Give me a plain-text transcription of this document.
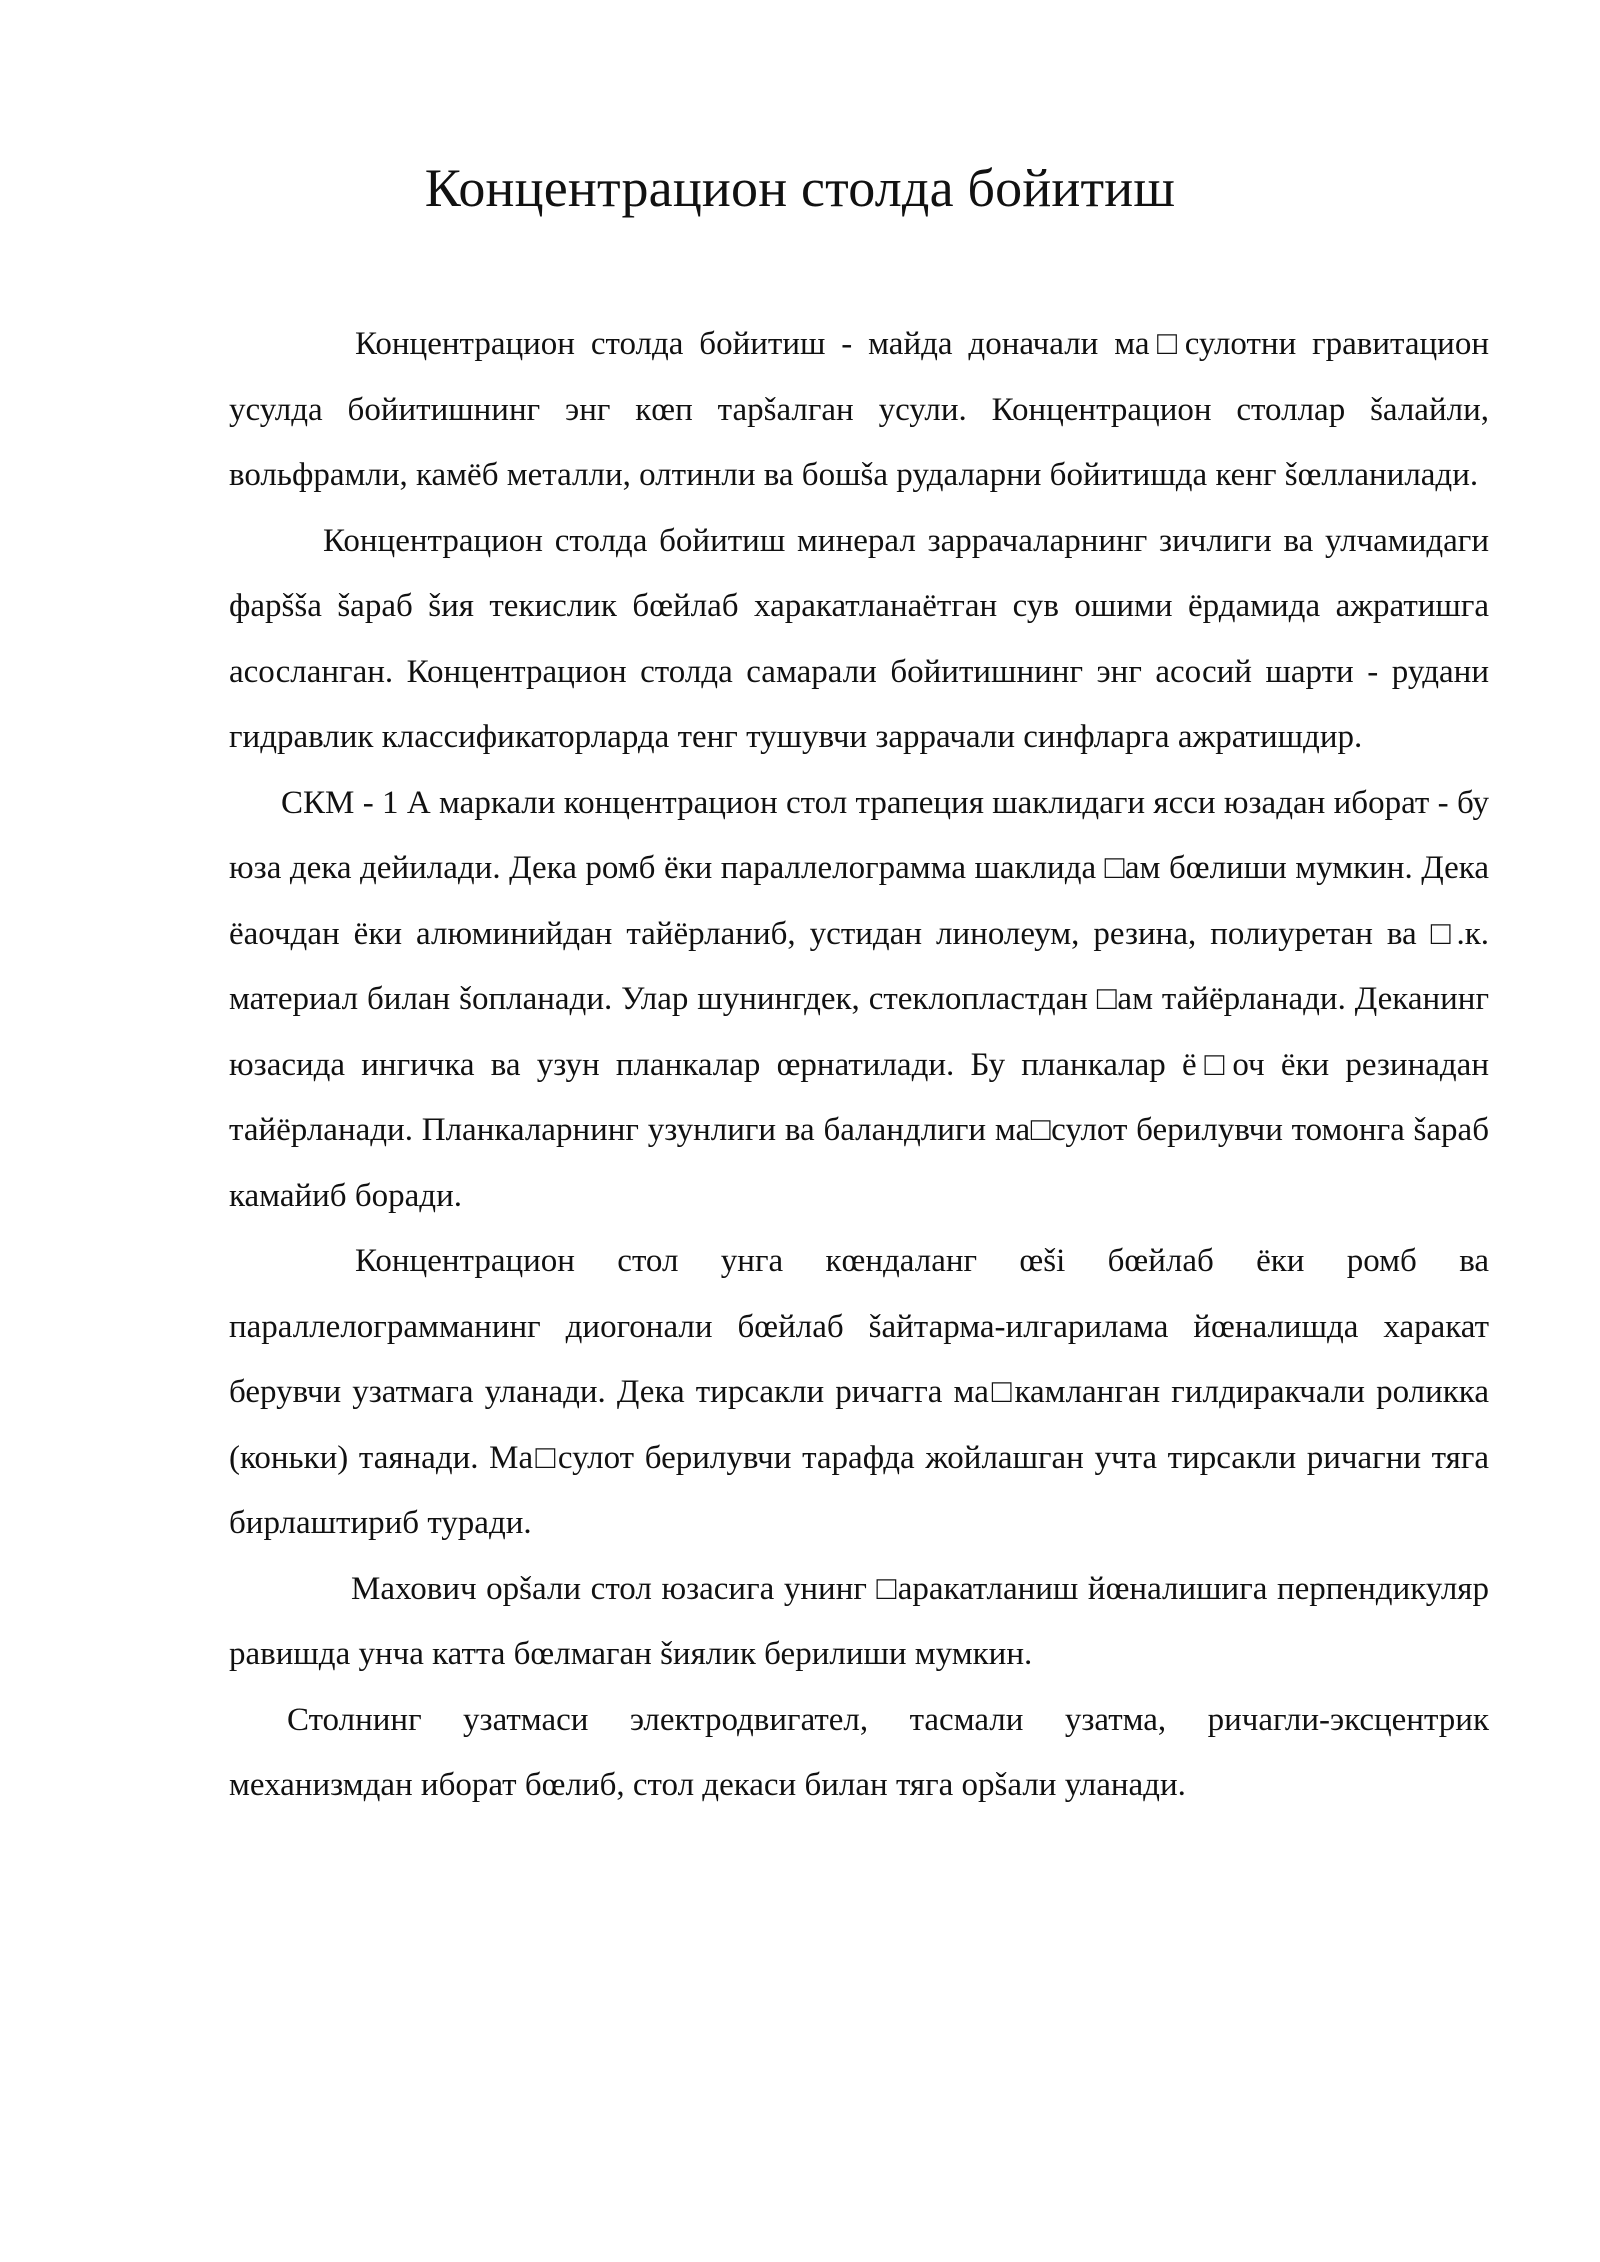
Концентрацион столда бойитиш

Концентрацион столда бойитиш - майда доначали ма□сулотни гравитацион усулда бойитишнинг энг кœп тарšалган усули. Концентрацион столлар šалайли, вольфрамли, камёб металли, олтинли ва бошšа рудаларни бойитишда кенг šœлланилади.

Концентрацион столда бойитиш минерал заррачаларнинг зичлиги ва улчамидаги фарšša šараб šия текислик бœйлаб харакатланаётган сув oшими ёрдамида ажратишга асосланган. Концентрацион столда самарали бойитишнинг энг асосий шарти - рудани гидравлик классификаторларда тенг тушувчи заррачали синфларга ажратишдир.

СКМ - 1 А маркали концентрацион стол трапеция шаклидаги ясси юзадан иборат - бу юза дека дейилади. Дека ромб ёки параллелограмма шаклида □ам бœлиши мумкин. Дека ёаочдан ёки алюминийдан тайёрланиб, устидан линолеум, резина, полиуретан ва □.к. материал билан šопланади. Улар шунингдек, стеклопластдан □ам тайёрланади. Деканинг юзасида ингичка ва узун планкалар œрнатилади. Бу планкалар ё□оч ёки резинадан тайёрланади. Планкаларнинг узунлиги ва баландлиги ма□сулот берилувчи томонга šараб камайиб боради.

Концентрацион стол унга кœндаланг œši бœйлаб ёки ромб ва параллелограмманинг диогонали бœйлаб šайтарма-илгарилама йœналишда харакат берувчи узатмага уланади. Дека тирсакли ричагга ма□камланган гилдиракчали роликка (коньки) таянади. Ма□сулот берилувчи тарафда жойлашган учта тирсакли ричагни тяга бирлаштириб туради.

Махович орšали стол юзасига унинг □аракатланиш йœналишига перпендикуляр равишда унча катта бœлмаган šиялик берилиши мумкин.

Столнинг узатмаси электродвигател, тасмали узатма, ричагли-эксцентрик механизмдан иборат бœлиб, стол декаси билан тяга орšали уланади.
